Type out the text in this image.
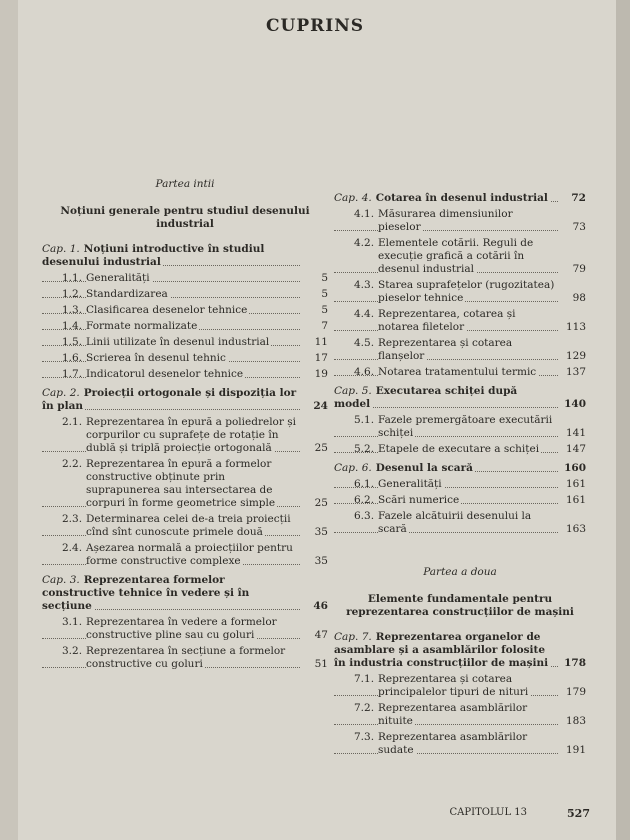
CUPRINS
Partea intii
Noțiuni generale pentru studiul desenului industrial
Cap. 1. Noțiuni introductive în studiul desenului industrial
1.1. Generalități	5
1.2. Standardizarea	5
1.3. Clasificarea desenelor tehnice	5
1.4. Formate normalizate	7
1.5. Linii utilizate în desenul industrial	11
1.6. Scrierea în desenul tehnic	17
1.7. Indicatorul desenelor tehnice	19
Cap. 2. Proiecții ortogonale și dispoziția lor în plan	24
2.1. Reprezentarea în epură a poliedrelor și corpurilor cu suprafețe de rotație în dublă și triplă proiecție ortogonală	25
2.2. Reprezentarea în epură a formelor constructive obținute prin suprapunerea sau intersectarea de corpuri în forme geometrice simple	25
2.3. Determinarea celei de-a treia proiecții cînd sînt cunoscute primele două	35
2.4. Așezarea normală a proiecțiilor pentru forme constructive complexe	35
Cap. 3. Reprezentarea formelor constructive tehnice în vedere și în secțiune	46
3.1. Reprezentarea în vedere a formelor constructive pline sau cu goluri	47
3.2. Reprezentarea în secțiune a formelor constructive cu goluri	51
Cap. 4. Cotarea în desenul industrial	72
4.1. Măsurarea dimensiunilor pieselor	73
4.2. Elementele cotării. Reguli de execuție grafică a cotării în desenul industrial	79
4.3. Starea suprafețelor (rugozitatea) pieselor tehnice	98
4.4. Reprezentarea, cotarea și notarea filetelor	113
4.5. Reprezentarea și cotarea flanșelor	129
4.6. Notarea tratamentului termic	137
Cap. 5. Executarea schiței după model	140
5.1. Fazele premergătoare executării schiței	141
5.2. Etapele de executare a schiței	147
Cap. 6. Desenul la scară	160
6.1. Generalități	161
6.2. Scări numerice	161
6.3. Fazele alcătuirii desenului la scară	163
Partea a doua
Elemente fundamentale pentru reprezentarea construcțiilor de mașini
Cap. 7. Reprezentarea organelor de asamblare și a asamblărilor folosite în industria construcțiilor de mașini	178
7.1. Reprezentarea și cotarea principalelor tipuri de nituri	179
7.2. Reprezentarea asamblărilor nituite	183
7.3. Reprezentarea asamblărilor sudate	191
CAPITOLUL 13	527
